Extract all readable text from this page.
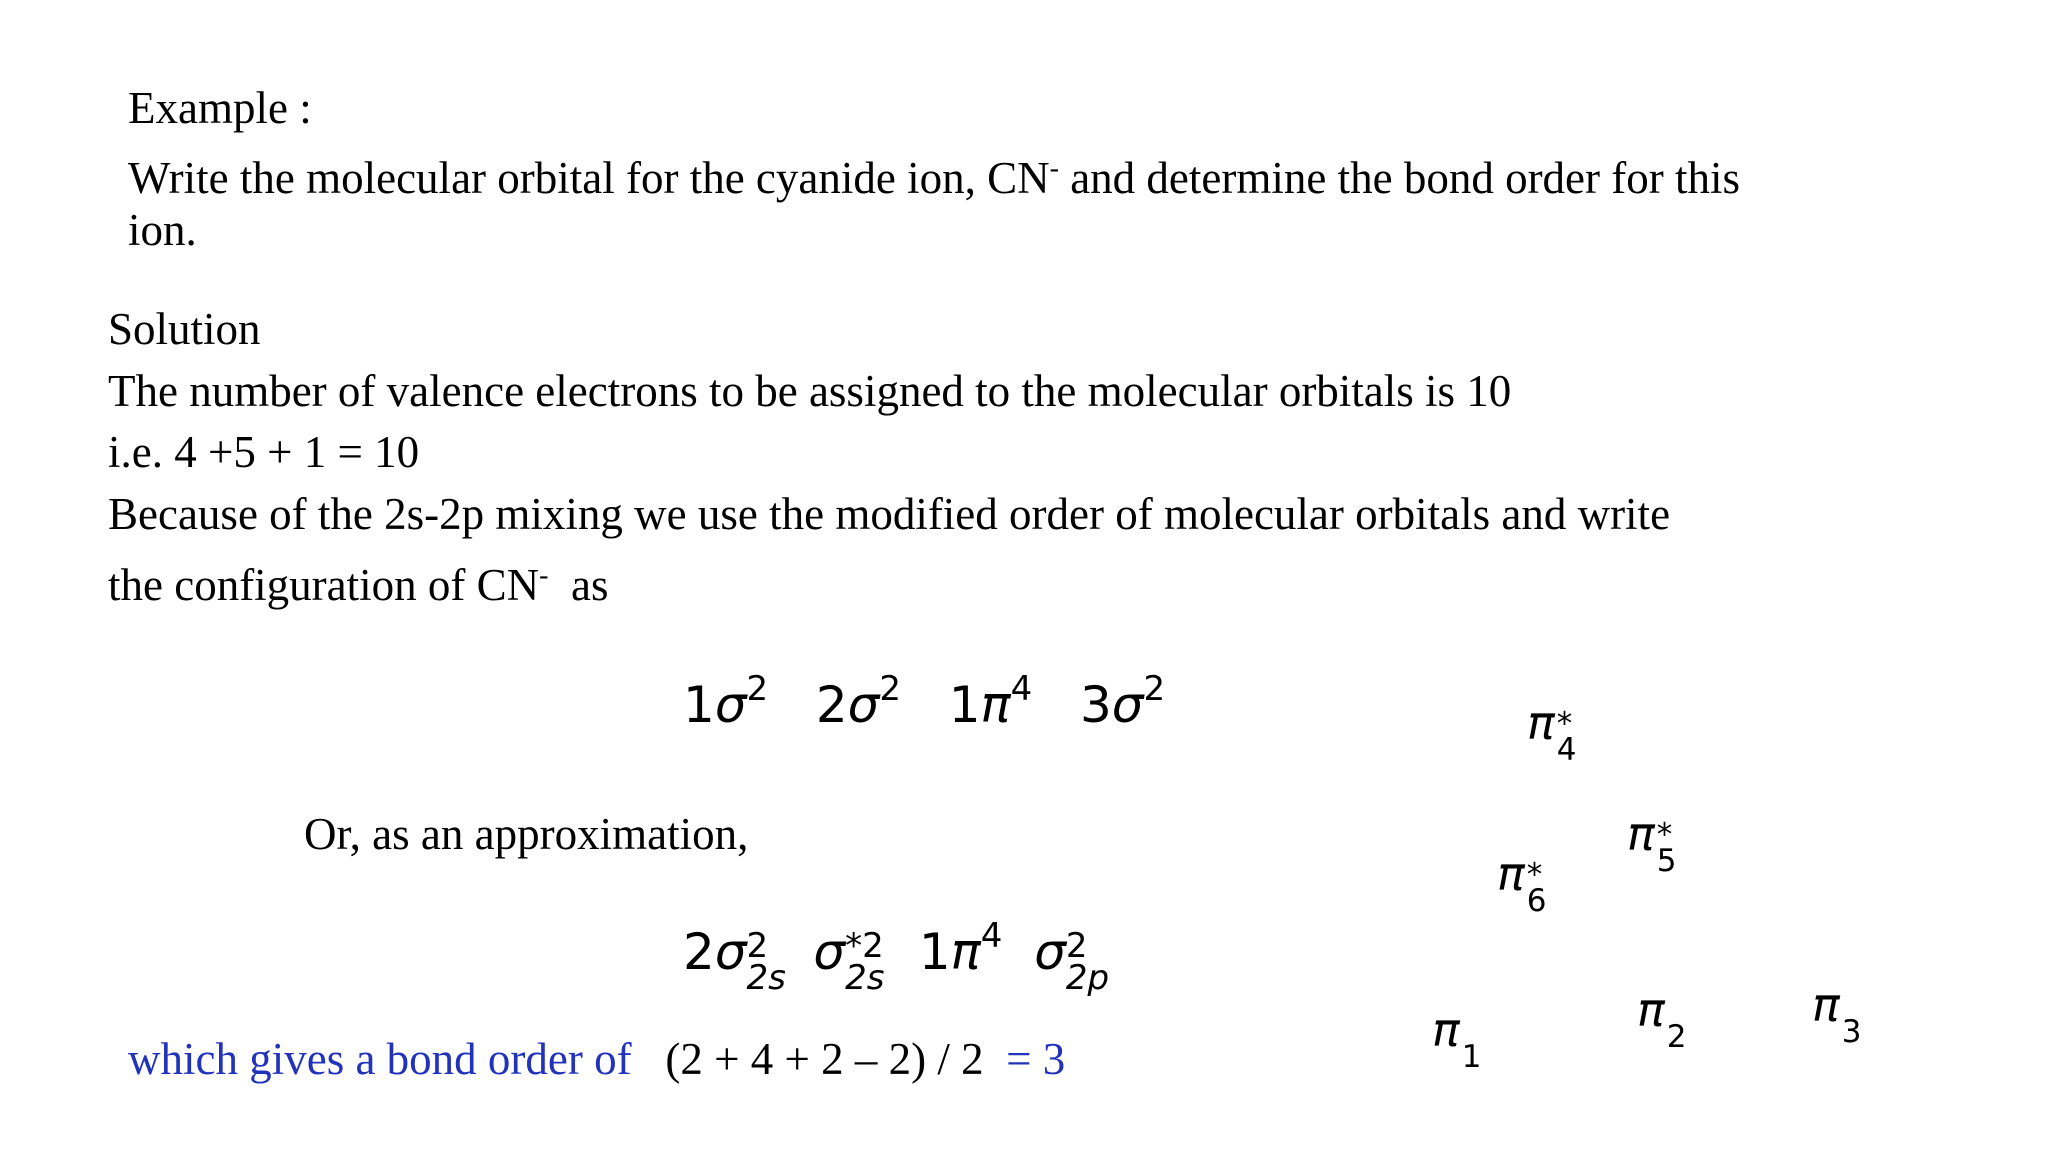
Example :
Write the molecular orbital for the cyanide ion, CN- and determine the bond order for this
ion.
Solution
The number of valence electrons to be assigned to the molecular orbitals is 10
i.e. 4 +5 + 1 = 10
Because of the 2s-2p mixing we use the modified order of molecular orbitals and write
the configuration of CN-  as
$1\sigma^2$ $2\sigma^2$ $1\pi^4$ $3\sigma^2$
Or, as an approximation,
2σ 2
2s σ *2
2s $1\pi^4$ σ 2
2p
which gives a bond order of (2 + 4 + 2 – 2) / 2 = 3
π *
4
π *
5
π *
6
π 1
π 2
π 3
